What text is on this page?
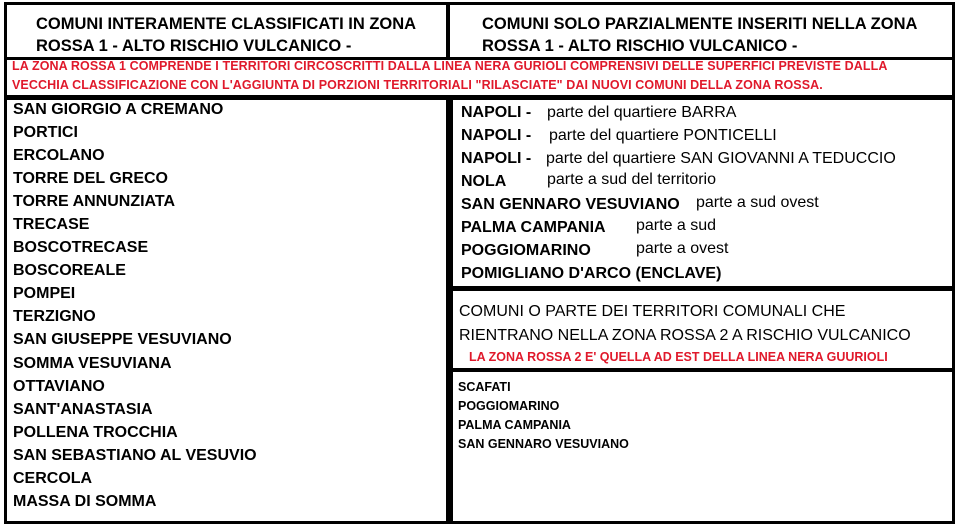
COMUNI INTERAMENTE CLASSIFICATI IN ZONA
ROSSA 1 - ALTO RISCHIO VULCANICO -
COMUNI SOLO PARZIALMENTE INSERITI NELLA ZONA
ROSSA 1 - ALTO RISCHIO VULCANICO -
LA ZONA ROSSA 1 COMPRENDE I TERRITORI CIRCOSCRITTI DALLA LINEA NERA GURIOLI COMPRENSIVI DELLE SUPERFICI PREVISTE DALLA
VECCHIA CLASSIFICAZIONE CON L'AGGIUNTA DI PORZIONI TERRITORIALI "RILASCIATE" DAI NUOVI COMUNI DELLA ZONA ROSSA.
SAN GIORGIO A CREMANO
PORTICI
ERCOLANO
TORRE DEL GRECO
TORRE ANNUNZIATA
TRECASE
BOSCOTRECASE
BOSCOREALE
POMPEI
TERZIGNO
SAN GIUSEPPE VESUVIANO
SOMMA VESUVIANA
OTTAVIANO
SANT'ANASTASIA
POLLENA TROCCHIA
SAN SEBASTIANO AL VESUVIO
CERCOLA
MASSA DI SOMMA
NAPOLI - parte del quartiere BARRA
NAPOLI - parte del quartiere PONTICELLI
NAPOLI - parte del quartiere SAN GIOVANNI A TEDUCCIO
NOLA	parte a sud del territorio
SAN GENNARO VESUVIANO parte a sud ovest
PALMA CAMPANIA parte a sud
POGGIOMARINO	parte a ovest
POMIGLIANO D'ARCO (ENCLAVE)
COMUNI O PARTE DEI TERRITORI COMUNALI CHE
RIENTRANO NELLA ZONA ROSSA 2 A RISCHIO VULCANICO
LA ZONA ROSSA 2 E' QUELLA AD EST DELLA LINEA NERA GUURIOLI
SCAFATI
POGGIOMARINO
PALMA CAMPANIA
SAN GENNARO VESUVIANO
